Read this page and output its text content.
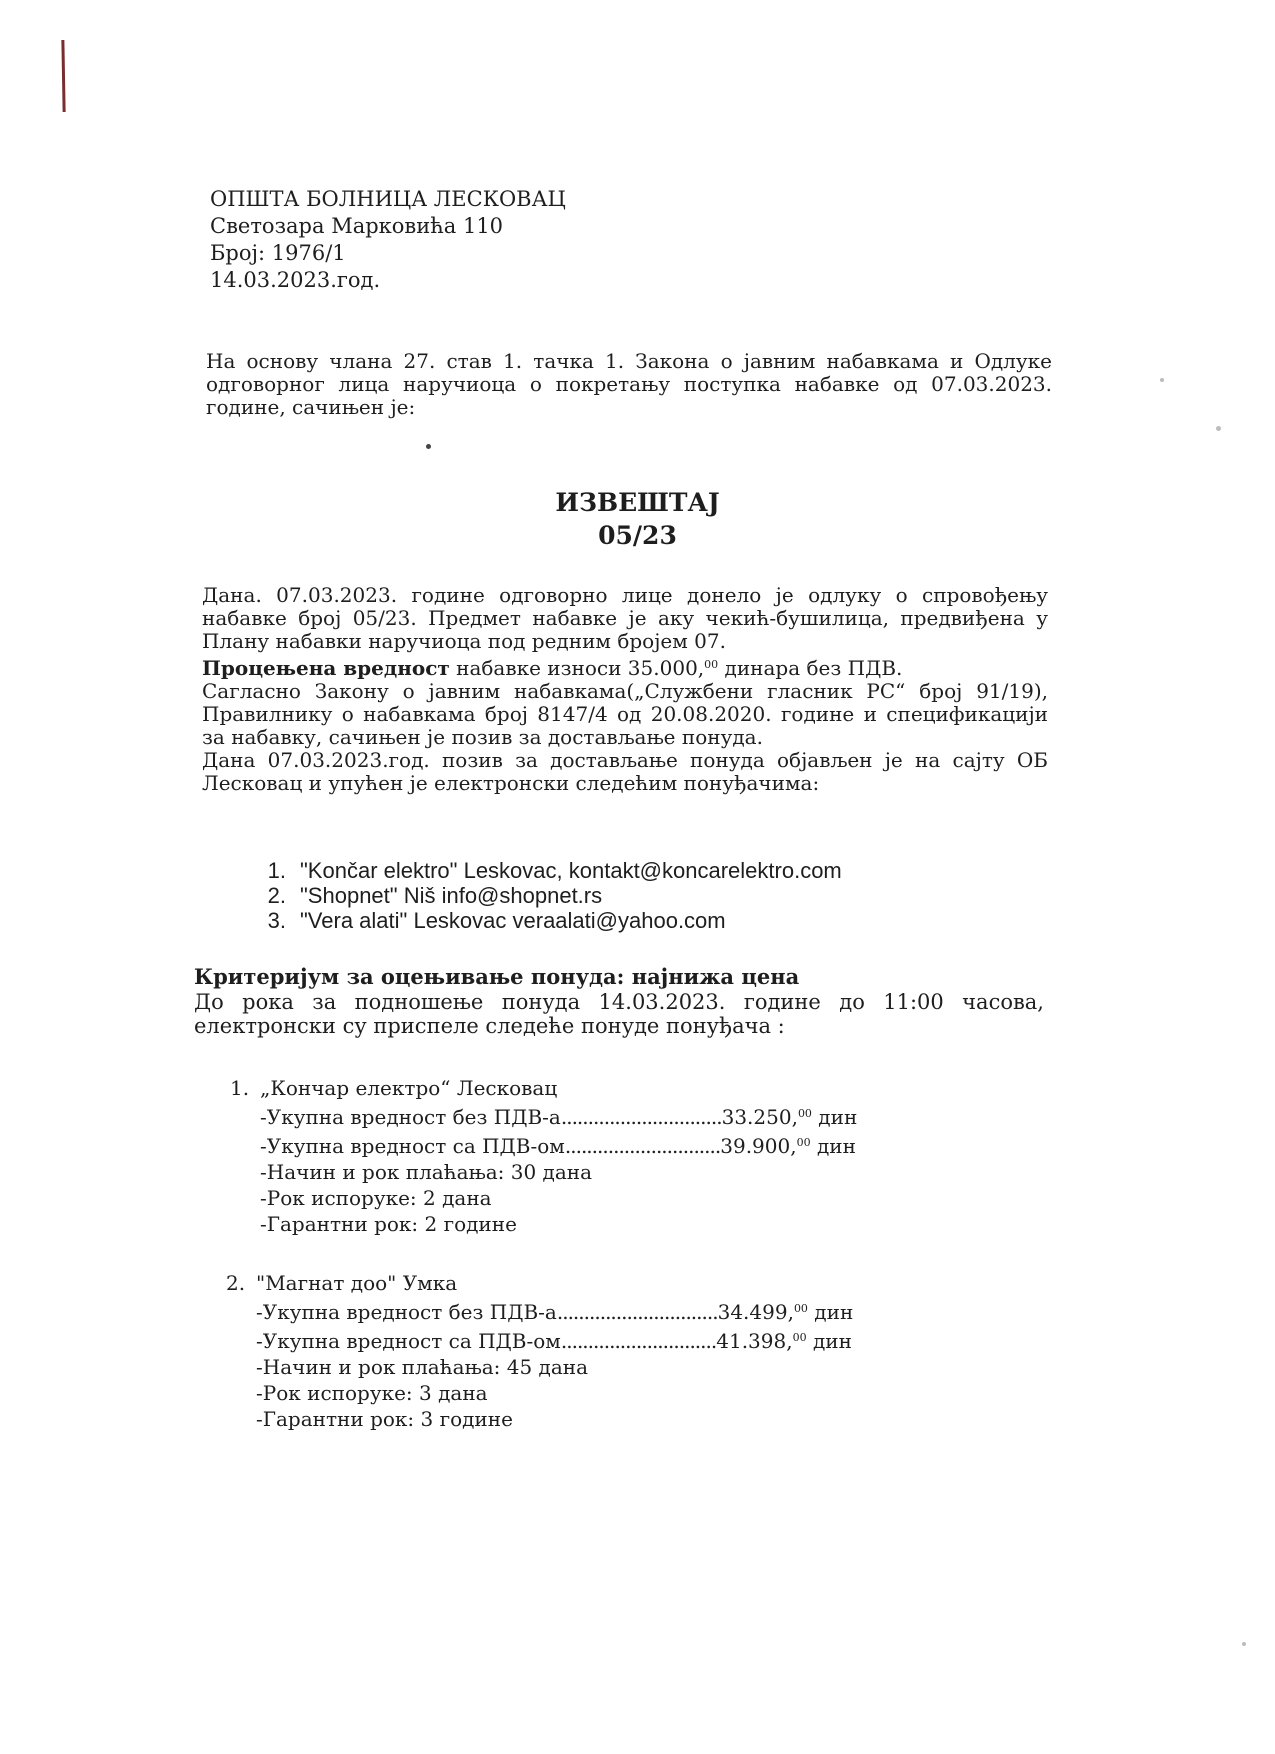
ОПШТА БОЛНИЦА ЛЕСКОВАЦ
Светозара Марковића 110
Број: 1976/1
14.03.2023.год.
На основу члана 27. став 1. тачка 1. Закона о јавним набавкама и Одлуке одговорног лица наручиоца о покретању поступка набавке од 07.03.2023. године, сачињен је:
ИЗВЕШТАЈ
05/23
Дана. 07.03.2023. године одговорно лице донело је одлуку о спровођењу набавке број 05/23. Предмет набавке је аку чекић-бушилица, предвиђена у Плану набавки наручиоца под редним бројем 07.
Процењена вредност набавке износи 35.000,00 динара без ПДВ.
Сагласно Закону о јавним набавкама(„Службени гласник РС“ број 91/19), Правилнику о набавкама број 8147/4 од 20.08.2020. године и спецификацији за набавку, сачињен је позив за достављање понуда.
Дана 07.03.2023.год. позив за достављање понуда објављен је на сајту ОБ Лесковац и упућен је електронски следећим понуђачима:
1. "Končar elektro" Leskovac, kontakt@koncarelektro.com
2. "Shopnet" Niš info@shopnet.rs
3. "Vera alati" Leskovac veraalati@yahoo.com
Критеријум за оцењивање понуда: најнижа цена
До рока за подношење понуда 14.03.2023. године до 11:00 часова, електронски су приспеле следеће понуде понуђача :
1. „Кончар електро“ Лесковац
-Укупна вредност без ПДВ-а..............................33.250,00 дин
-Укупна вредност са ПДВ-ом.............................39.900,00 дин
-Начин и рок плаћања: 30 дана
-Рок испоруке: 2 дана
-Гарантни рок: 2 године
2. "Магнат доо" Умка
-Укупна вредност без ПДВ-а..............................34.499,00 дин
-Укупна вредност са ПДВ-ом.............................41.398,00 дин
-Начин и рок плаћања: 45 дана
-Рок испоруке: 3 дана
-Гарантни рок: 3 године
